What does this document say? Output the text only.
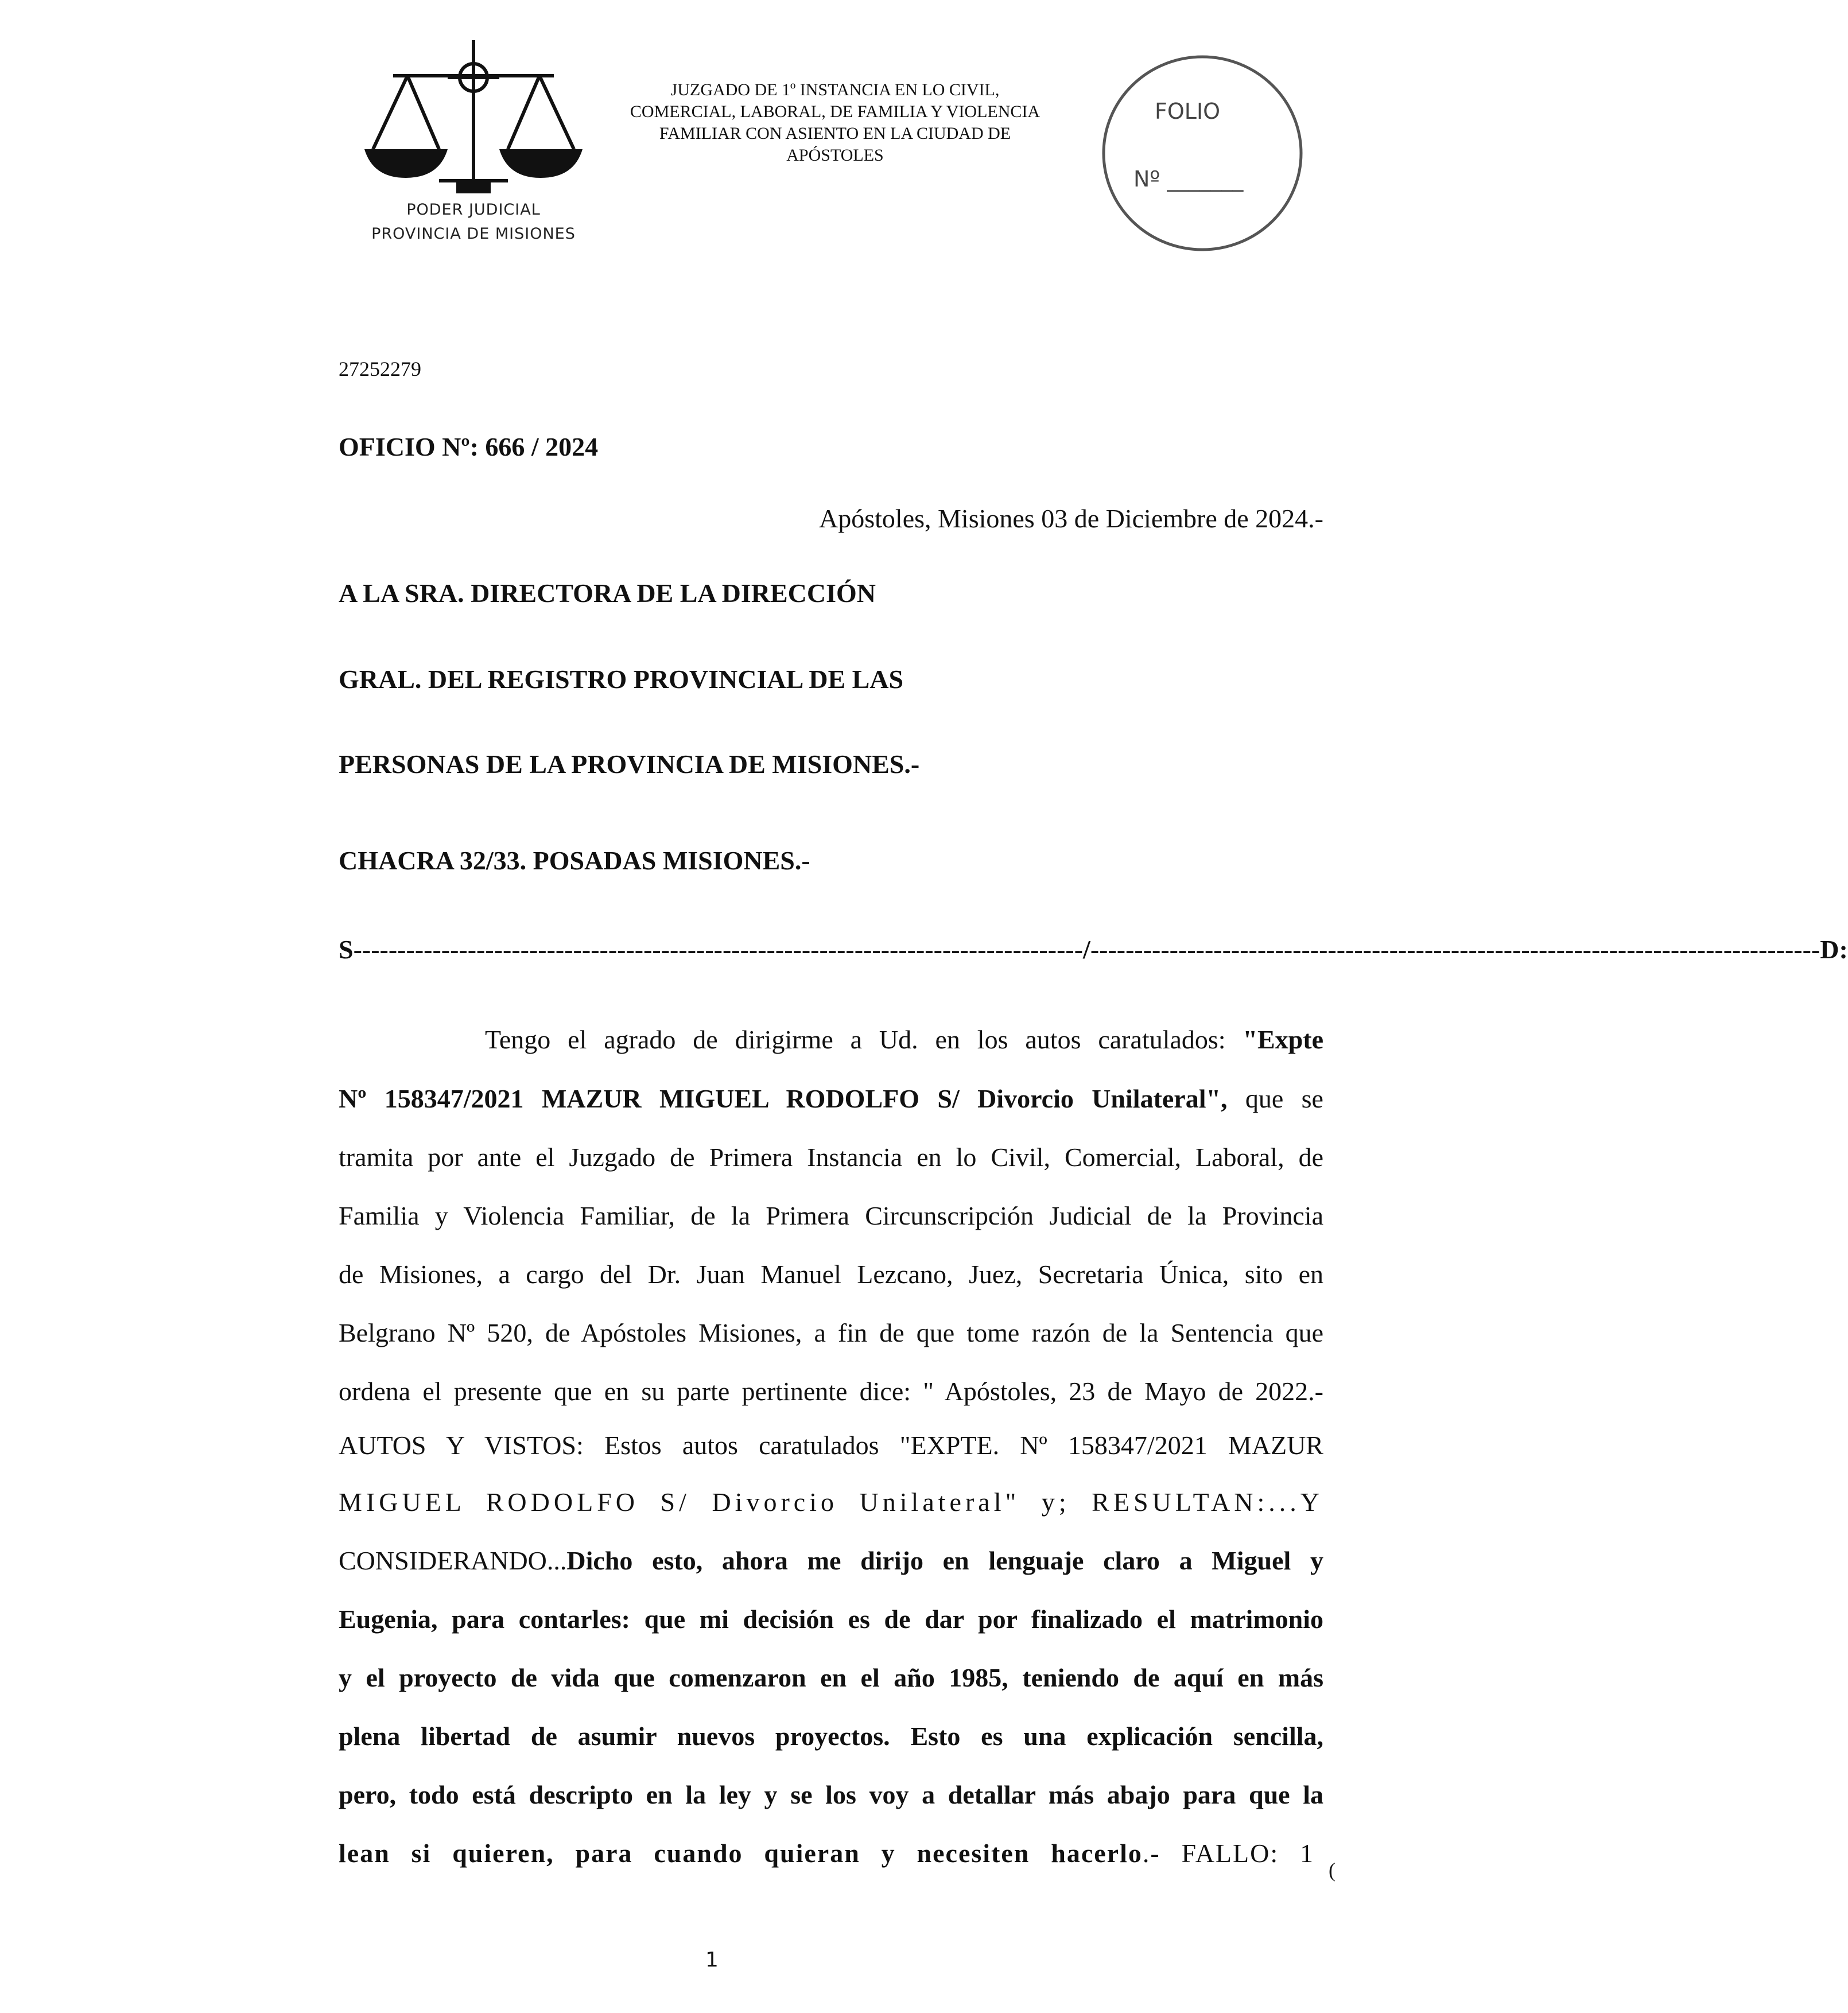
PODER JUDICIAL
PROVINCIA DE MISIONES
JUZGADO DE 1º INSTANCIA EN LO CIVIL,
COMERCIAL, LABORAL, DE FAMILIA Y VIOLENCIA
FAMILIAR CON ASIENTO EN LA CIUDAD DE
APÓSTOLES
FOLIO
Nº _______
27252279
OFICIO Nº: 666 / 2024
Apóstoles, Misiones 03 de Diciembre de 2024.-
A LA SRA. DIRECTORA DE LA DIRECCIÓN
GRAL. DEL REGISTRO PROVINCIAL DE LAS
PERSONAS DE LA PROVINCIA DE MISIONES.-
CHACRA 32/33. POSADAS MISIONES.-
S ----------------------------------------------------------------------------------- / ----------------------------------------------------------------------------------- D:
Tengo el agrado de dirigirme a Ud. en los autos caratulados: "Expte
Nº 158347/2021 MAZUR MIGUEL RODOLFO S/ Divorcio Unilateral", que se
tramita por ante el Juzgado de Primera Instancia en lo Civil, Comercial, Laboral, de
Familia y Violencia Familiar, de la Primera Circunscripción Judicial de la Provincia
de Misiones, a cargo del Dr. Juan Manuel Lezcano, Juez, Secretaria Única, sito en
Belgrano Nº 520, de Apóstoles Misiones, a fin de que tome razón de la Sentencia que
ordena el presente que en su parte pertinente dice: " Apóstoles, 23 de Mayo de 2022.-
AUTOS Y VISTOS: Estos autos caratulados "EXPTE. Nº 158347/2021 MAZUR
MIGUEL RODOLFO S/ Divorcio Unilateral" y; RESULTAN:...Y
CONSIDERANDO...Dicho esto, ahora me dirijo en lenguaje claro a Miguel y
Eugenia, para contarles: que mi decisión es de dar por finalizado el matrimonio
y el proyecto de vida que comenzaron en el año 1985, teniendo de aquí en más
plena libertad de asumir nuevos proyectos. Esto es una explicación sencilla,
pero, todo está descripto en la ley y se los voy a detallar más abajo para que la
lean si quieren, para cuando quieran y necesiten hacerlo.- FALLO: 1
(
1
